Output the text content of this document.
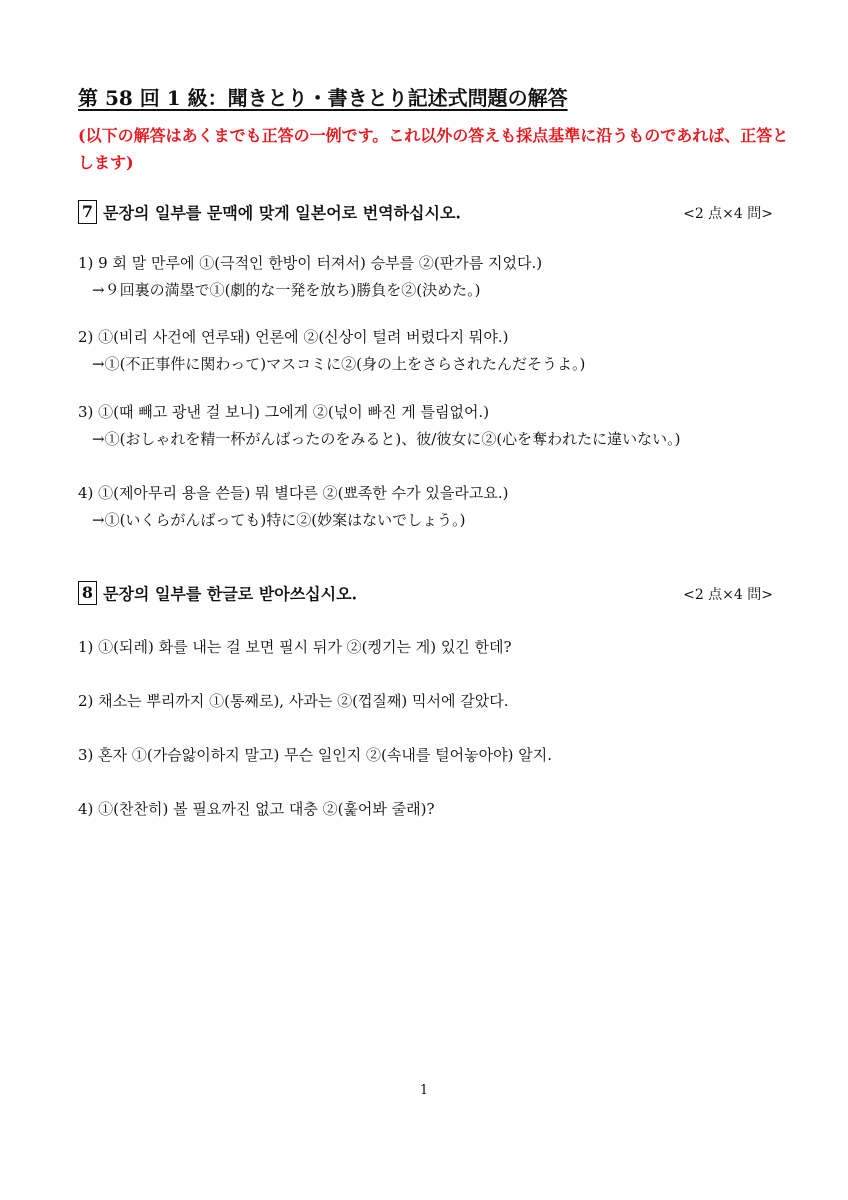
第 58 回 1 級：聞きとり・書きとり記述式問題の解答
(以下の解答はあくまでも正答の一例です。これ以外の答えも採点基準に沿うものであれば、正答とします)
7 문장의 일부를 문맥에 맞게 일본어로 번역하십시오.	<2 点×4 問>
1) 9 회 말 만루에 ①(극적인 한방이 터져서) 승부를 ②(판가름 지었다.)
→９回裏の満塁で①(劇的な一発を放ち)勝負を②(決めた。)
2) ①(비리 사건에 연루돼) 언론에 ②(신상이 털려 버렸다지 뭐야.)
→①(不正事件に関わって)マスコミに②(身の上をさらされたんだそうよ。)
3) ①(때 빼고 광낸 걸 보니) 그에게 ②(넋이 빠진 게 틀림없어.)
→①(おしゃれを精一杯がんばったのをみると)、彼/彼女に②(心を奪われたに違いない。)
4) ①(제아무리 용을 쓴들) 뭐 별다른 ②(뾰족한 수가 있을라고요.)
→①(いくらがんばっても)特に②(妙案はないでしょう。)
8 문장의 일부를 한글로 받아쓰십시오.	<2 点×4 問>
1) ①(되레) 화를 내는 걸 보면 필시 뒤가 ②(켕기는 게) 있긴 한데?
2) 채소는 뿌리까지 ①(통째로), 사과는 ②(껍질째) 믹서에 갈았다.
3) 혼자 ①(가슴앓이하지 말고) 무슨 일인지 ②(속내를 털어놓아야) 알지.
4) ①(찬찬히) 볼 필요까진 없고 대충 ②(훑어봐 줄래)?
1
